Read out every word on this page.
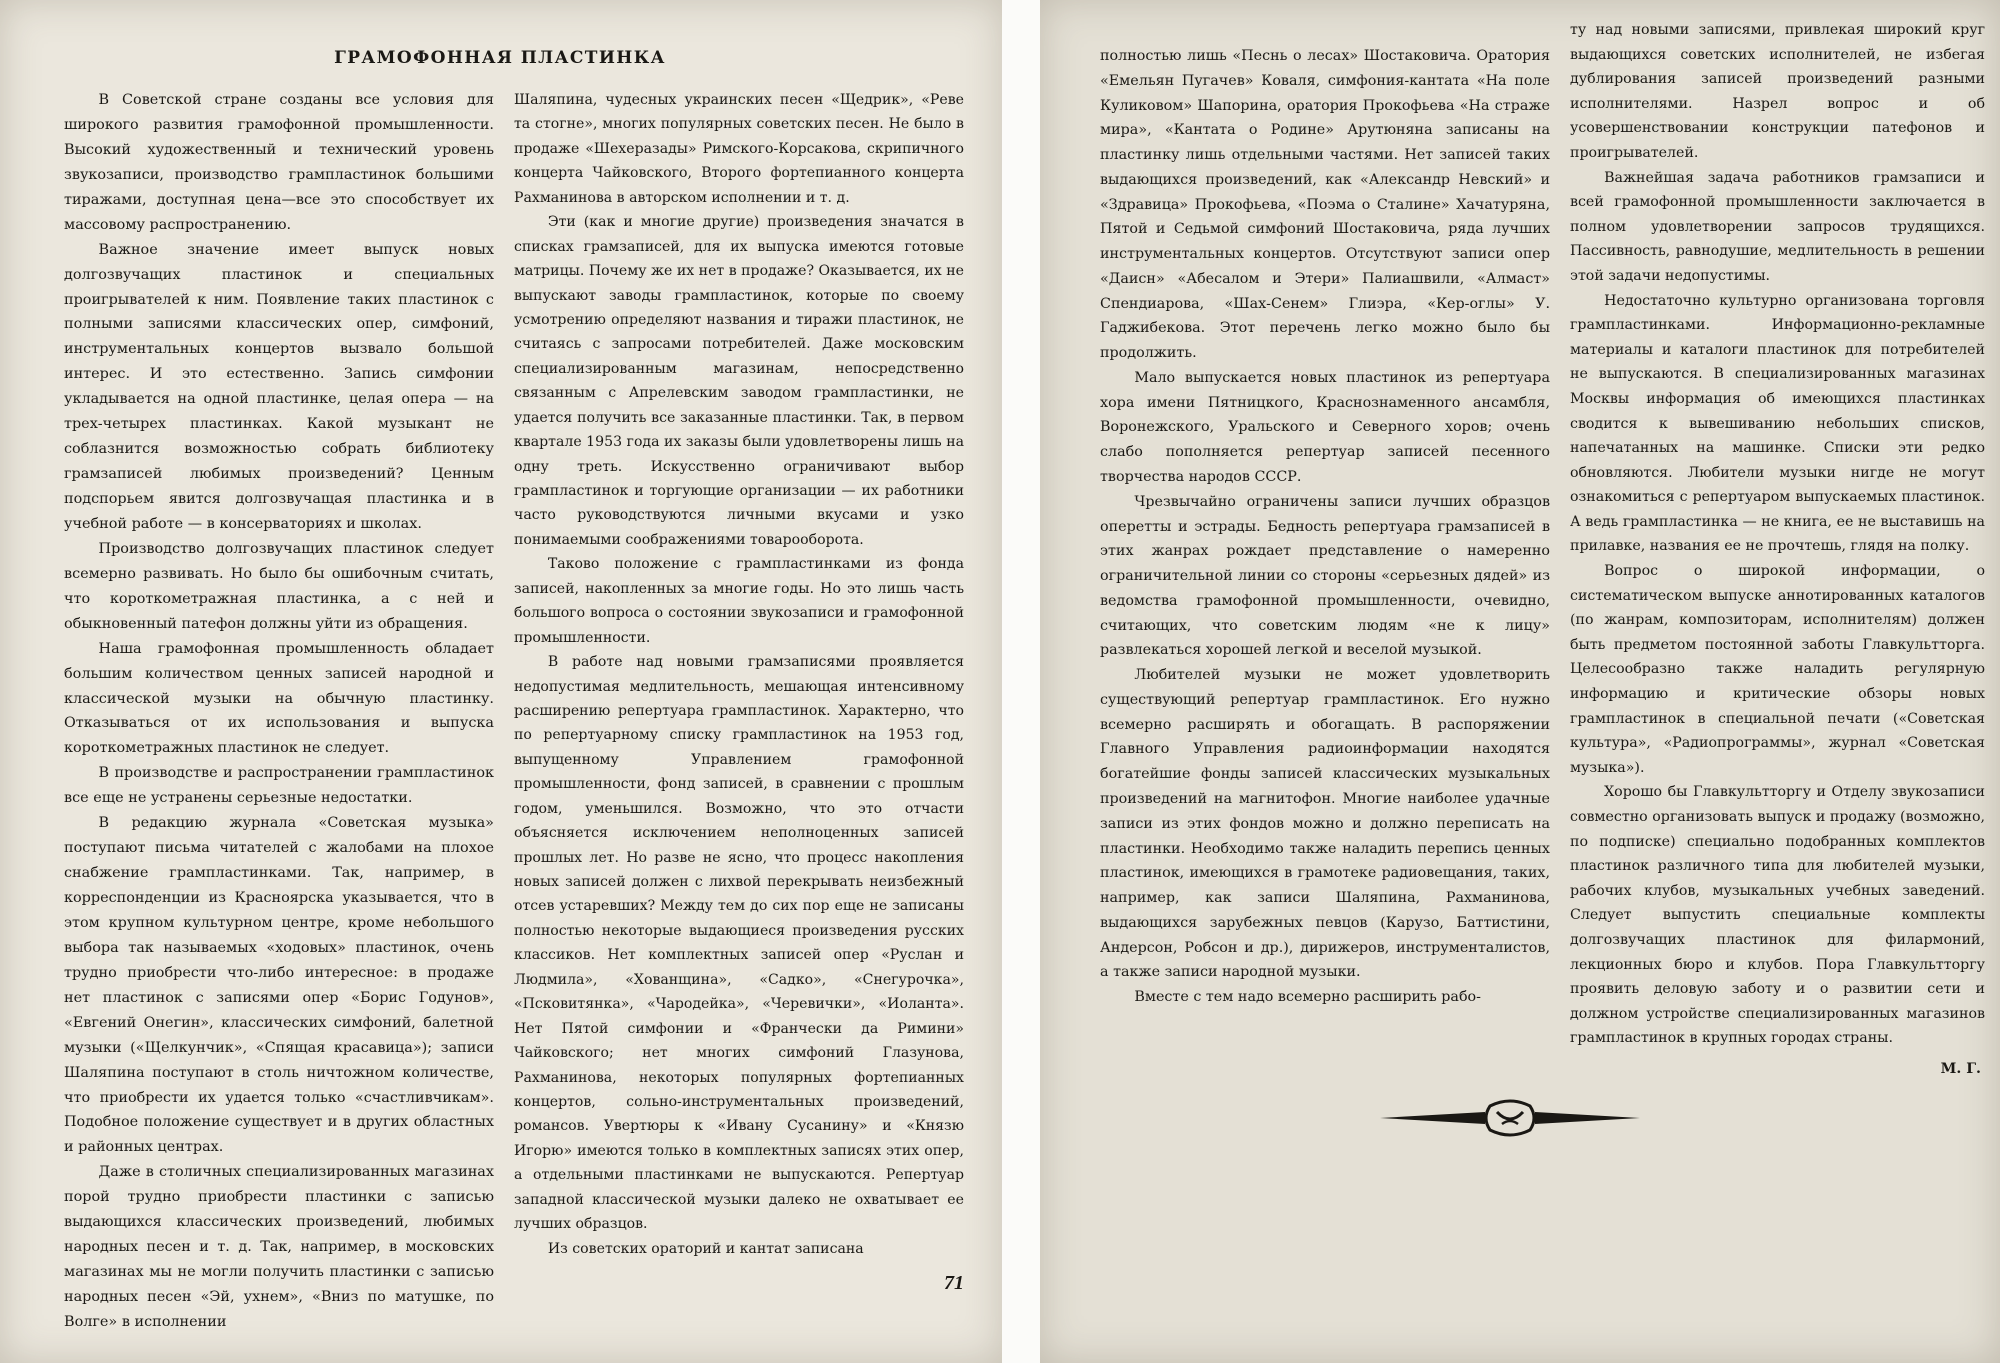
ГРАМОФОННАЯ ПЛАСТИНКА

В Советской стране созданы все условия для широкого развития грамофонной промышленности. Высокий художественный и технический уровень звукозаписи, производство грампластинок большими тиражами, доступная цена—все это способствует их массовому распространению.

Важное значение имеет выпуск новых долгозвучащих пластинок и специальных проигрывателей к ним. Появление таких пластинок с полными записями классических опер, симфоний, инструментальных концертов вызвало большой интерес. И это естественно. Запись симфонии укладывается на одной пластинке, целая опера — на трех-четырех пластинках. Какой музыкант не соблазнится возможностью собрать библиотеку грамзаписей любимых произведений? Ценным подспорьем явится долгозвучащая пластинка и в учебной работе — в консерваториях и школах.

Производство долгозвучащих пластинок следует всемерно развивать. Но было бы ошибочным считать, что короткометражная пластинка, а с ней и обыкновенный патефон должны уйти из обращения.

Наша грамофонная промышленность обладает большим количеством ценных записей народной и классической музыки на обычную пластинку. Отказываться от их использования и выпуска короткометражных пластинок не следует.

В производстве и распространении грампластинок все еще не устранены серьезные недостатки.

В редакцию журнала «Советская музыка» поступают письма читателей с жалобами на плохое снабжение грампластинками. Так, например, в корреспонденции из Красноярска указывается, что в этом крупном культурном центре, кроме небольшого выбора так называемых «ходовых» пластинок, очень трудно приобрести что-либо интересное: в продаже нет пластинок с записями опер «Борис Годунов», «Евгений Онегин», классических симфоний, балетной музыки («Щелкунчик», «Спящая красавица»); записи Шаляпина поступают в столь ничтожном количестве, что приобрести их удается только «счастливчикам». Подобное положение существует и в других областных и районных центрах.

Даже в столичных специализированных магазинах порой трудно приобрести пластинки с записью выдающихся классических произведений, любимых народных песен и т. д. Так, например, в московских магазинах мы не могли получить пластинки с записью народных песен «Эй, ухнем», «Вниз по матушке, по Волге» в исполнении

Шаляпина, чудесных украинских песен «Щедрик», «Реве та стогне», многих популярных советских песен. Не было в продаже «Шехеразады» Римского-Корсакова, скрипичного концерта Чайковского, Второго фортепианного концерта Рахманинова в авторском исполнении и т. д.

Эти (как и многие другие) произведения значатся в списках грамзаписей, для их выпуска имеются готовые матрицы. Почему же их нет в продаже? Оказывается, их не выпускают заводы грампластинок, которые по своему усмотрению определяют названия и тиражи пластинок, не считаясь с запросами потребителей. Даже московским специализированным магазинам, непосредственно связанным с Апрелевским заводом грампластинки, не удается получить все заказанные пластинки. Так, в первом квартале 1953 года их заказы были удовлетворены лишь на одну треть. Искусственно ограничивают выбор грампластинок и торгующие организации — их работники часто руководствуются личными вкусами и узко понимаемыми соображениями товарооборота.

Таково положение с грампластинками из фонда записей, накопленных за многие годы. Но это лишь часть большого вопроса о состоянии звукозаписи и грамофонной промышленности.

В работе над новыми грамзаписями проявляется недопустимая медлительность, мешающая интенсивному расширению репертуара грампластинок. Характерно, что по репертуарному списку грампластинок на 1953 год, выпущенному Управлением грамофонной промышленности, фонд записей, в сравнении с прошлым годом, уменьшился. Возможно, что это отчасти объясняется исключением неполноценных записей прошлых лет. Но разве не ясно, что процесс накопления новых записей должен с лихвой перекрывать неизбежный отсев устаревших? Между тем до сих пор еще не записаны полностью некоторые выдающиеся произведения русских классиков. Нет комплектных записей опер «Руслан и Людмила», «Хованщина», «Садко», «Снегурочка», «Псковитянка», «Чародейка», «Черевички», «Иоланта». Нет Пятой симфонии и «Франчески да Римини» Чайковского; нет многих симфоний Глазунова, Рахманинова, некоторых популярных фортепианных концертов, сольно-инструментальных произведений, романсов. Увертюры к «Ивану Сусанину» и «Князю Игорю» имеются только в комплектных записях этих опер, а отдельными пластинками не выпускаются. Репертуар западной классической музыки далеко не охватывает ее лучших образцов.

Из советских ораторий и кантат записана

71

полностью лишь «Песнь о лесах» Шостаковича. Оратория «Емельян Пугачев» Коваля, симфония-кантата «На поле Куликовом» Шапорина, оратория Прокофьева «На страже мира», «Кантата о Родине» Арутюняна записаны на пластинку лишь отдельными частями. Нет записей таких выдающихся произведений, как «Александр Невский» и «Здравица» Прокофьева, «Поэма о Сталине» Хачатуряна, Пятой и Седьмой симфоний Шостаковича, ряда лучших инструментальных концертов. Отсутствуют записи опер «Даисн» «Абесалом и Этери» Палиашвили, «Алмаст» Спендиарова, «Шах-Сенем» Глиэра, «Кер-оглы» У. Гаджибекова. Этот перечень легко можно было бы продолжить.

Мало выпускается новых пластинок из репертуара хора имени Пятницкого, Краснознаменного ансамбля, Воронежского, Уральского и Северного хоров; очень слабо пополняется репертуар записей песенного творчества народов СССР.

Чрезвычайно ограничены записи лучших образцов оперетты и эстрады. Бедность репертуара грамзаписей в этих жанрах рождает представление о намеренно ограничительной линии со стороны «серьезных дядей» из ведомства грамофонной промышленности, очевидно, считающих, что советским людям «не к лицу» развлекаться хорошей легкой и веселой музыкой.

Любителей музыки не может удовлетворить существующий репертуар грампластинок. Его нужно всемерно расширять и обогащать. В распоряжении Главного Управления радиоинформации находятся богатейшие фонды записей классических музыкальных произведений на магнитофон. Многие наиболее удачные записи из этих фондов можно и должно переписать на пластинки. Необходимо также наладить перепись ценных пластинок, имеющихся в грамотеке радиовещания, таких, например, как записи Шаляпина, Рахманинова, выдающихся зарубежных певцов (Карузо, Баттистини, Андерсон, Робсон и др.), дирижеров, инструменталистов, а также записи народной музыки.

Вместе с тем надо всемерно расширить рабо-

ту над новыми записями, привлекая широкий круг выдающихся советских исполнителей, не избегая дублирования записей произведений разными исполнителями. Назрел вопрос и об усовершенствовании конструкции патефонов и проигрывателей.

Важнейшая задача работников грамзаписи и всей грамофонной промышленности заключается в полном удовлетворении запросов трудящихся. Пассивность, равнодушие, медлительность в решении этой задачи недопустимы.

Недостаточно культурно организована торговля грампластинками. Информационно-рекламные материалы и каталоги пластинок для потребителей не выпускаются. В специализированных магазинах Москвы информация об имеющихся пластинках сводится к вывешиванию небольших списков, напечатанных на машинке. Списки эти редко обновляются. Любители музыки нигде не могут ознакомиться с репертуаром выпускаемых пластинок. А ведь грампластинка — не книга, ее не выставишь на прилавке, названия ее не прочтешь, глядя на полку.

Вопрос о широкой информации, о систематическом выпуске аннотированных каталогов (по жанрам, композиторам, исполнителям) должен быть предметом постоянной заботы Главкультторга. Целесообразно также наладить регулярную информацию и критические обзоры новых грампластинок в специальной печати («Советская культура», «Радиопрограммы», журнал «Советская музыка»).

Хорошо бы Главкультторгу и Отделу звукозаписи совместно организовать выпуск и продажу (возможно, по подписке) специально подобранных комплектов пластинок различного типа для любителей музыки, рабочих клубов, музыкальных учебных заведений. Следует выпустить специальные комплекты долгозвучащих пластинок для филармоний, лекционных бюро и клубов. Пора Главкультторгу проявить деловую заботу и о развитии сети и должном устройстве специализированных магазинов грампластинок в крупных городах страны.

М. Г.
